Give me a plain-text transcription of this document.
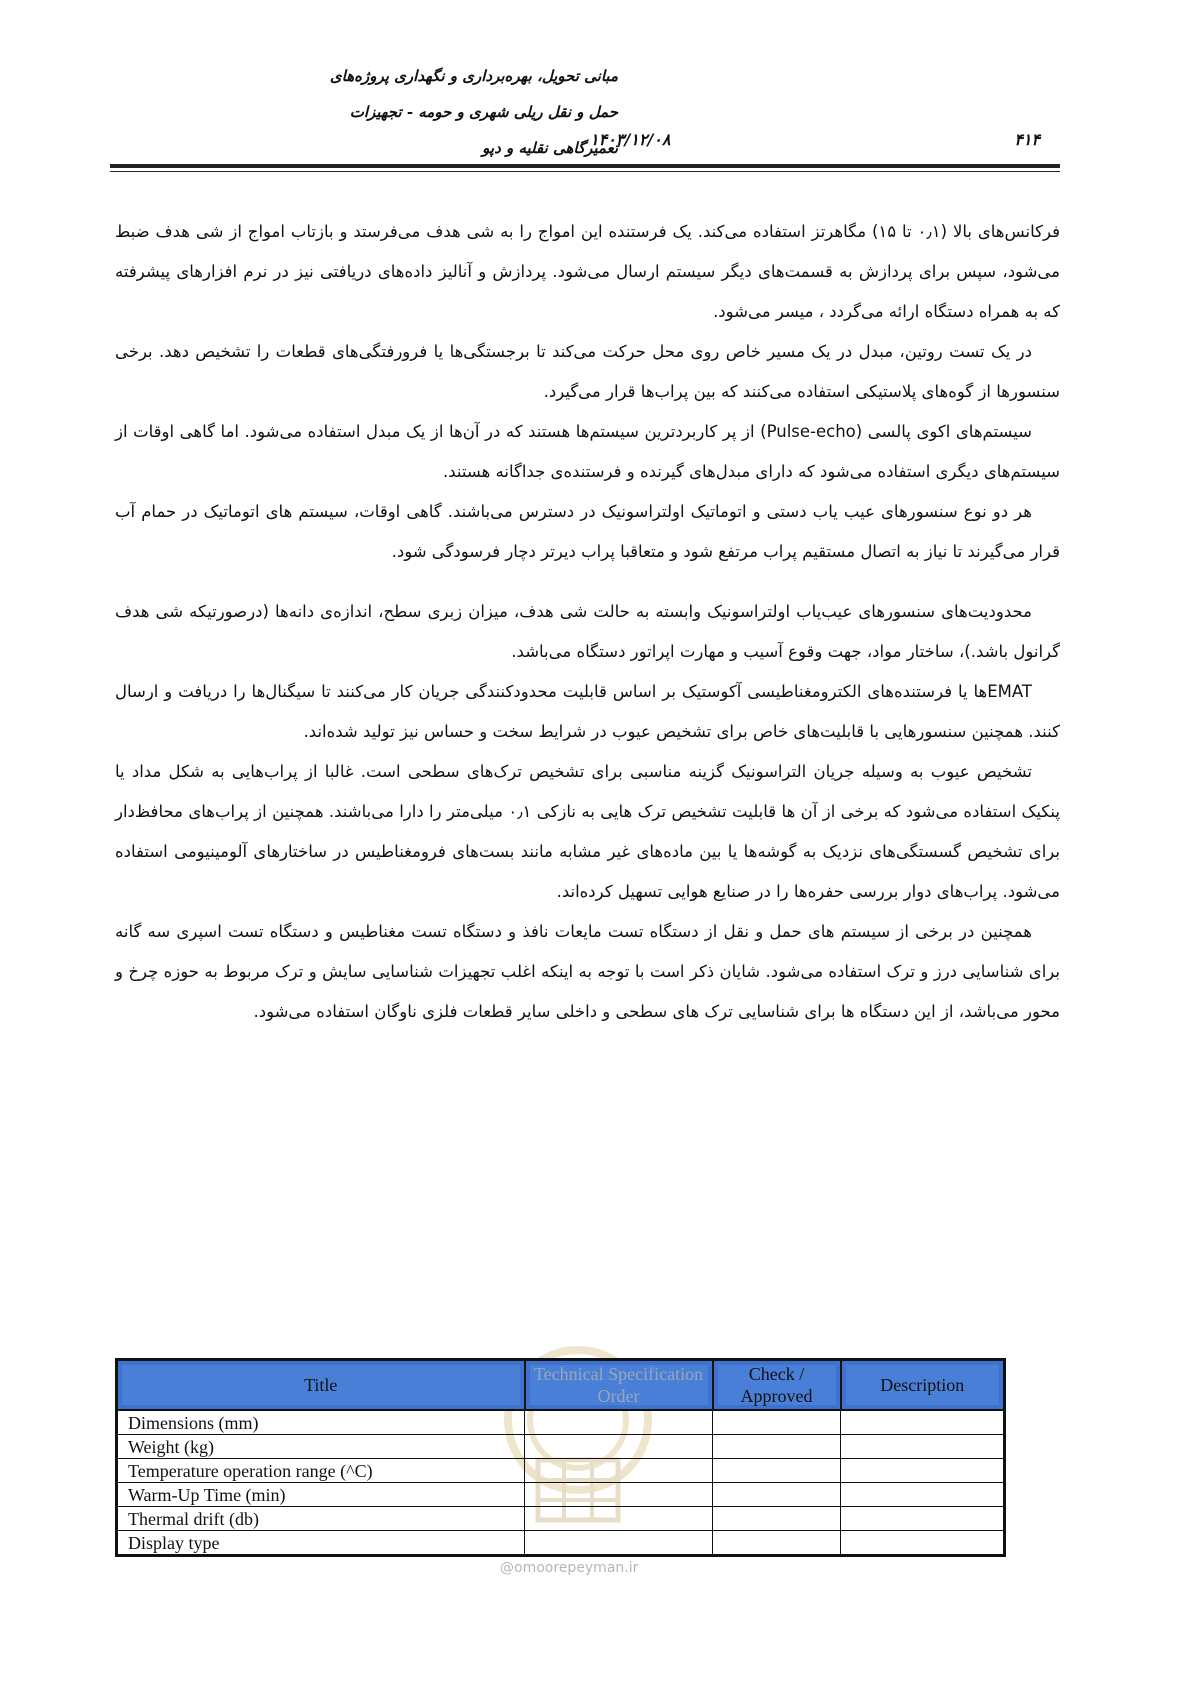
مبانی تحویل، بهره‌برداری و نگهداری پروژه‌های
حمل و نقل ریلی شهری و حومه - تجهیزات
تعمیرگاهی نقلیه و دپو
۱۴۰۳/۱۲/۰۸	۴۱۴

فرکانس‌های بالا (۰٫۱ تا ۱۵) مگاهرتز استفاده می‌کند. یک فرستنده این امواج را به شی هدف می‌فرستد و بازتاب امواج از شی هدف ضبط می‌شود، سپس برای پردازش به قسمت‌های دیگر سیستم ارسال می‌شود. پردازش و آنالیز داده‌های دریافتی نیز در نرم افزارهای پیشرفته که به همراه دستگاه ارائه می‌گردد ، میسر می‌شود.

در یک تست روتین، مبدل در یک مسیر خاص روی محل حرکت می‌کند تا برجستگی‌ها یا فرورفتگی‌های قطعات را تشخیص دهد. برخی سنسورها از گوه‌های پلاستیکی استفاده می‌کنند که بین پراب‌ها قرار می‌گیرد.

سیستم‌های اکوی پالسی (Pulse-echo) از پر کاربردترین سیستم‌ها هستند که در آن‌ها از یک مبدل استفاده می‌شود. اما گاهی اوقات از سیستم‌های دیگری استفاده می‌شود که دارای مبدل‌های گیرنده و فرستنده‌ی جداگانه هستند.

هر دو نوع سنسورهای عیب یاب دستی و اتوماتیک اولتراسونیک در دسترس می‌باشند. گاهی اوقات، سیستم های اتوماتیک در حمام آب قرار می‌گیرند تا نیاز به اتصال مستقیم پراب مرتفع شود و متعاقبا پراب دیرتر دچار فرسودگی شود.

محدودیت‌های سنسورهای عیب‌یاب اولتراسونیک وابسته به حالت شی هدف، میزان زبری سطح، اندازه‌ی دانه‌ها (درصورتیکه شی هدف گرانول باشد.)، ساختار مواد، جهت وقوع آسیب و مهارت اپراتور دستگاه می‌باشد.

EMATها یا فرستنده‌های الکترومغناطیسی آکوستیک بر اساس قابلیت محدودکنندگی جریان کار می‌کنند تا سیگنال‌ها را دریافت و ارسال کنند. همچنین سنسورهایی با قابلیت‌های خاص برای تشخیص عیوب در شرایط سخت و حساس نیز تولید شده‌اند.

تشخیص عیوب به وسیله جریان التراسونیک گزینه مناسبی برای تشخیص ترک‌های سطحی است. غالبا از پراب‌هایی به شکل مداد یا پنکیک استفاده می‌شود که برخی از آن ها قابلیت تشخیص ترک هایی به نازکی ۰٫۱ میلی‌متر را دارا می‌باشند. همچنین از پراب‌های محافظ‌دار برای تشخیص گسستگی‌های نزدیک به گوشه‌ها یا بین ماده‌های غیر مشابه مانند بست‌های فرومغناطیس در ساختارهای آلومینیومی استفاده می‌شود. پراب‌های دوار بررسی حفره‌ها را در صنایع هوایی تسهیل کرده‌اند.

همچنین در برخی از سیستم های حمل و نقل از دستگاه تست مایعات نافذ و دستگاه تست مغناطیس و دستگاه تست اسپری سه گانه برای شناسایی درز و ترک استفاده می‌شود. شایان ذکر است با توجه به اینکه اغلب تجهیزات شناسایی سایش و ترک مربوط به حوزه چرخ و محور می‌باشد، از این دستگاه ها برای شناسایی ترک های سطحی و داخلی سایر قطعات فلزی ناوگان استفاده می‌شود.

Title	Technical Specification Order	Check / Approved	Description

Dimensions (mm)			
Weight (kg)			
Temperature operation range (^C)			
Warm-Up Time (min)			
Thermal drift (db)			
Display type			
@omoorepeyman.ir
